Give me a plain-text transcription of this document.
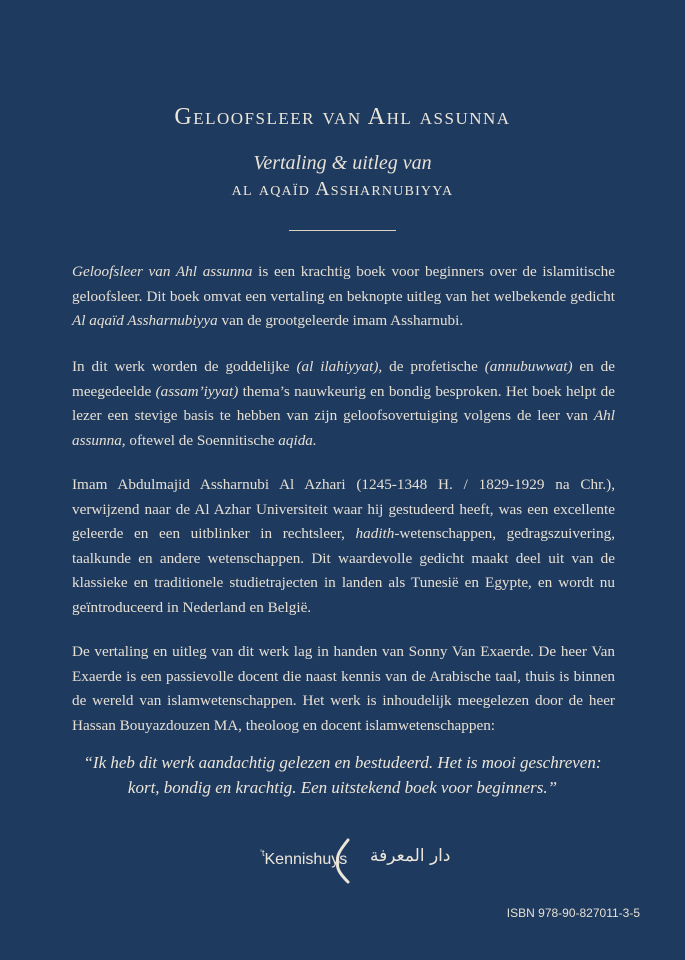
Geloofsleer van Ahl assunna
Vertaling & uitleg van
al aqaïd Assharnubiyya

Geloofsleer van Ahl assunna is een krachtig boek voor beginners over de islamitische geloofsleer. Dit boek omvat een vertaling en beknopte uitleg van het welbekende gedicht Al aqaïd Assharnubiyya van de grootgeleerde imam Assharnubi.

In dit werk worden de goddelijke (al ilahiyyat), de profetische (annubuwwat) en de meegedeelde (assam’iyyat) thema’s nauwkeurig en bondig besproken. Het boek helpt de lezer een stevige basis te hebben van zijn geloofsovertuiging volgens de leer van Ahl assunna, oftewel de Soennitische aqida.

Imam Abdulmajid Assharnubi Al Azhari (1245-1348 H. / 1829-1929 na Chr.), verwijzend naar de Al Azhar Universiteit waar hij gestudeerd heeft, was een excellente geleerde en een uitblinker in rechtsleer, hadith-wetenschappen, gedragszuivering, taalkunde en andere wetenschappen. Dit waardevolle gedicht maakt deel uit van de klassieke en traditionele studietrajecten in landen als Tunesië en Egypte, en wordt nu geïntroduceerd in Nederland en België.

De vertaling en uitleg van dit werk lag in handen van Sonny Van Exaerde. De heer Van Exaerde is een passievolle docent die naast kennis van de Arabische taal, thuis is binnen de wereld van islamwetenschappen. Het werk is inhoudelijk meegelezen door de heer Hassan Bouyazdouzen MA, theoloog en docent islamwetenschappen:

“Ik heb dit werk aandachtig gelezen en bestudeerd. Het is mooi geschreven:
kort, bondig en krachtig. Een uitstekend boek voor beginners.”
$^{’t}$Kennishuys دار المعرفة
ISBN 978-90-827011-3-5
